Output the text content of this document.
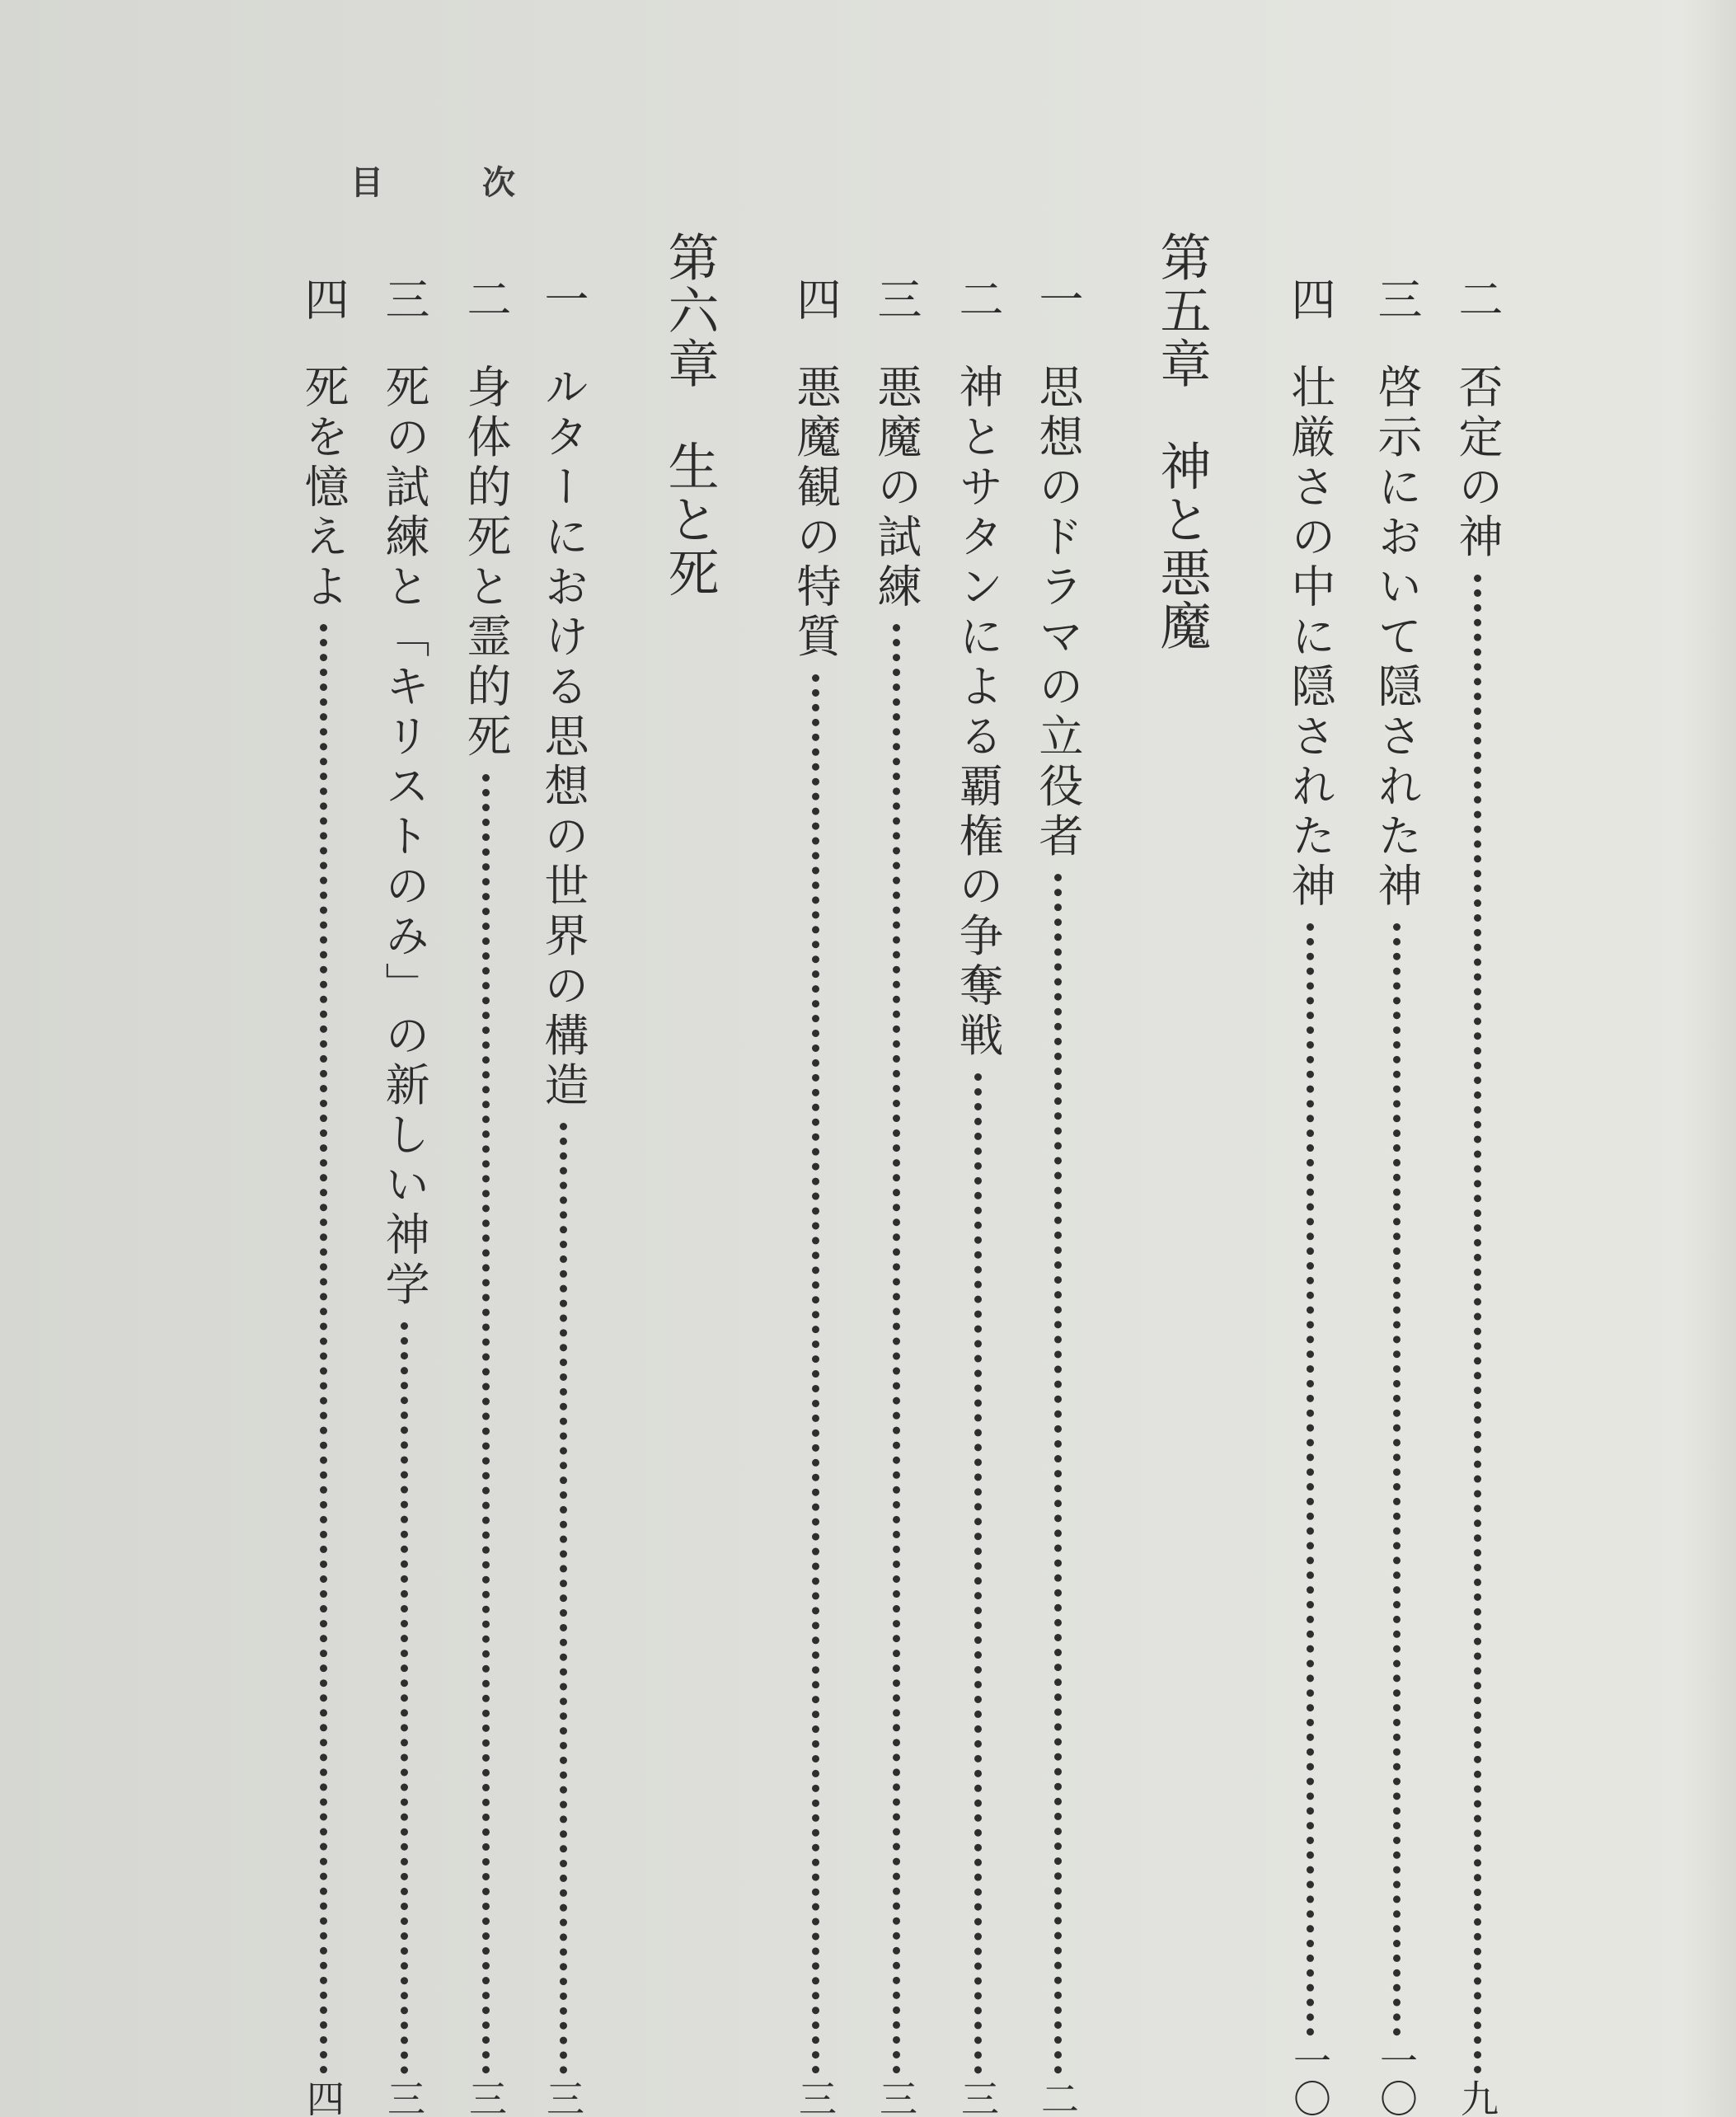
目	次
二
否定の神
九
三
啓示において隠された神
一〇
四
壮厳さの中に隠された神
一〇
第五章神と悪魔
一
思想のドラマの立役者
二
二
神とサタンによる覇権の争奪戦
三
三
悪魔の試練
三
四
悪魔観の特質
三
第六章生と死
一
ルターにおける思想の世界の構造
三
二
身体的死と霊的死
三
三
死の試練と「キリストのみ」の新しい神学
三
四
死を憶えよ
四
